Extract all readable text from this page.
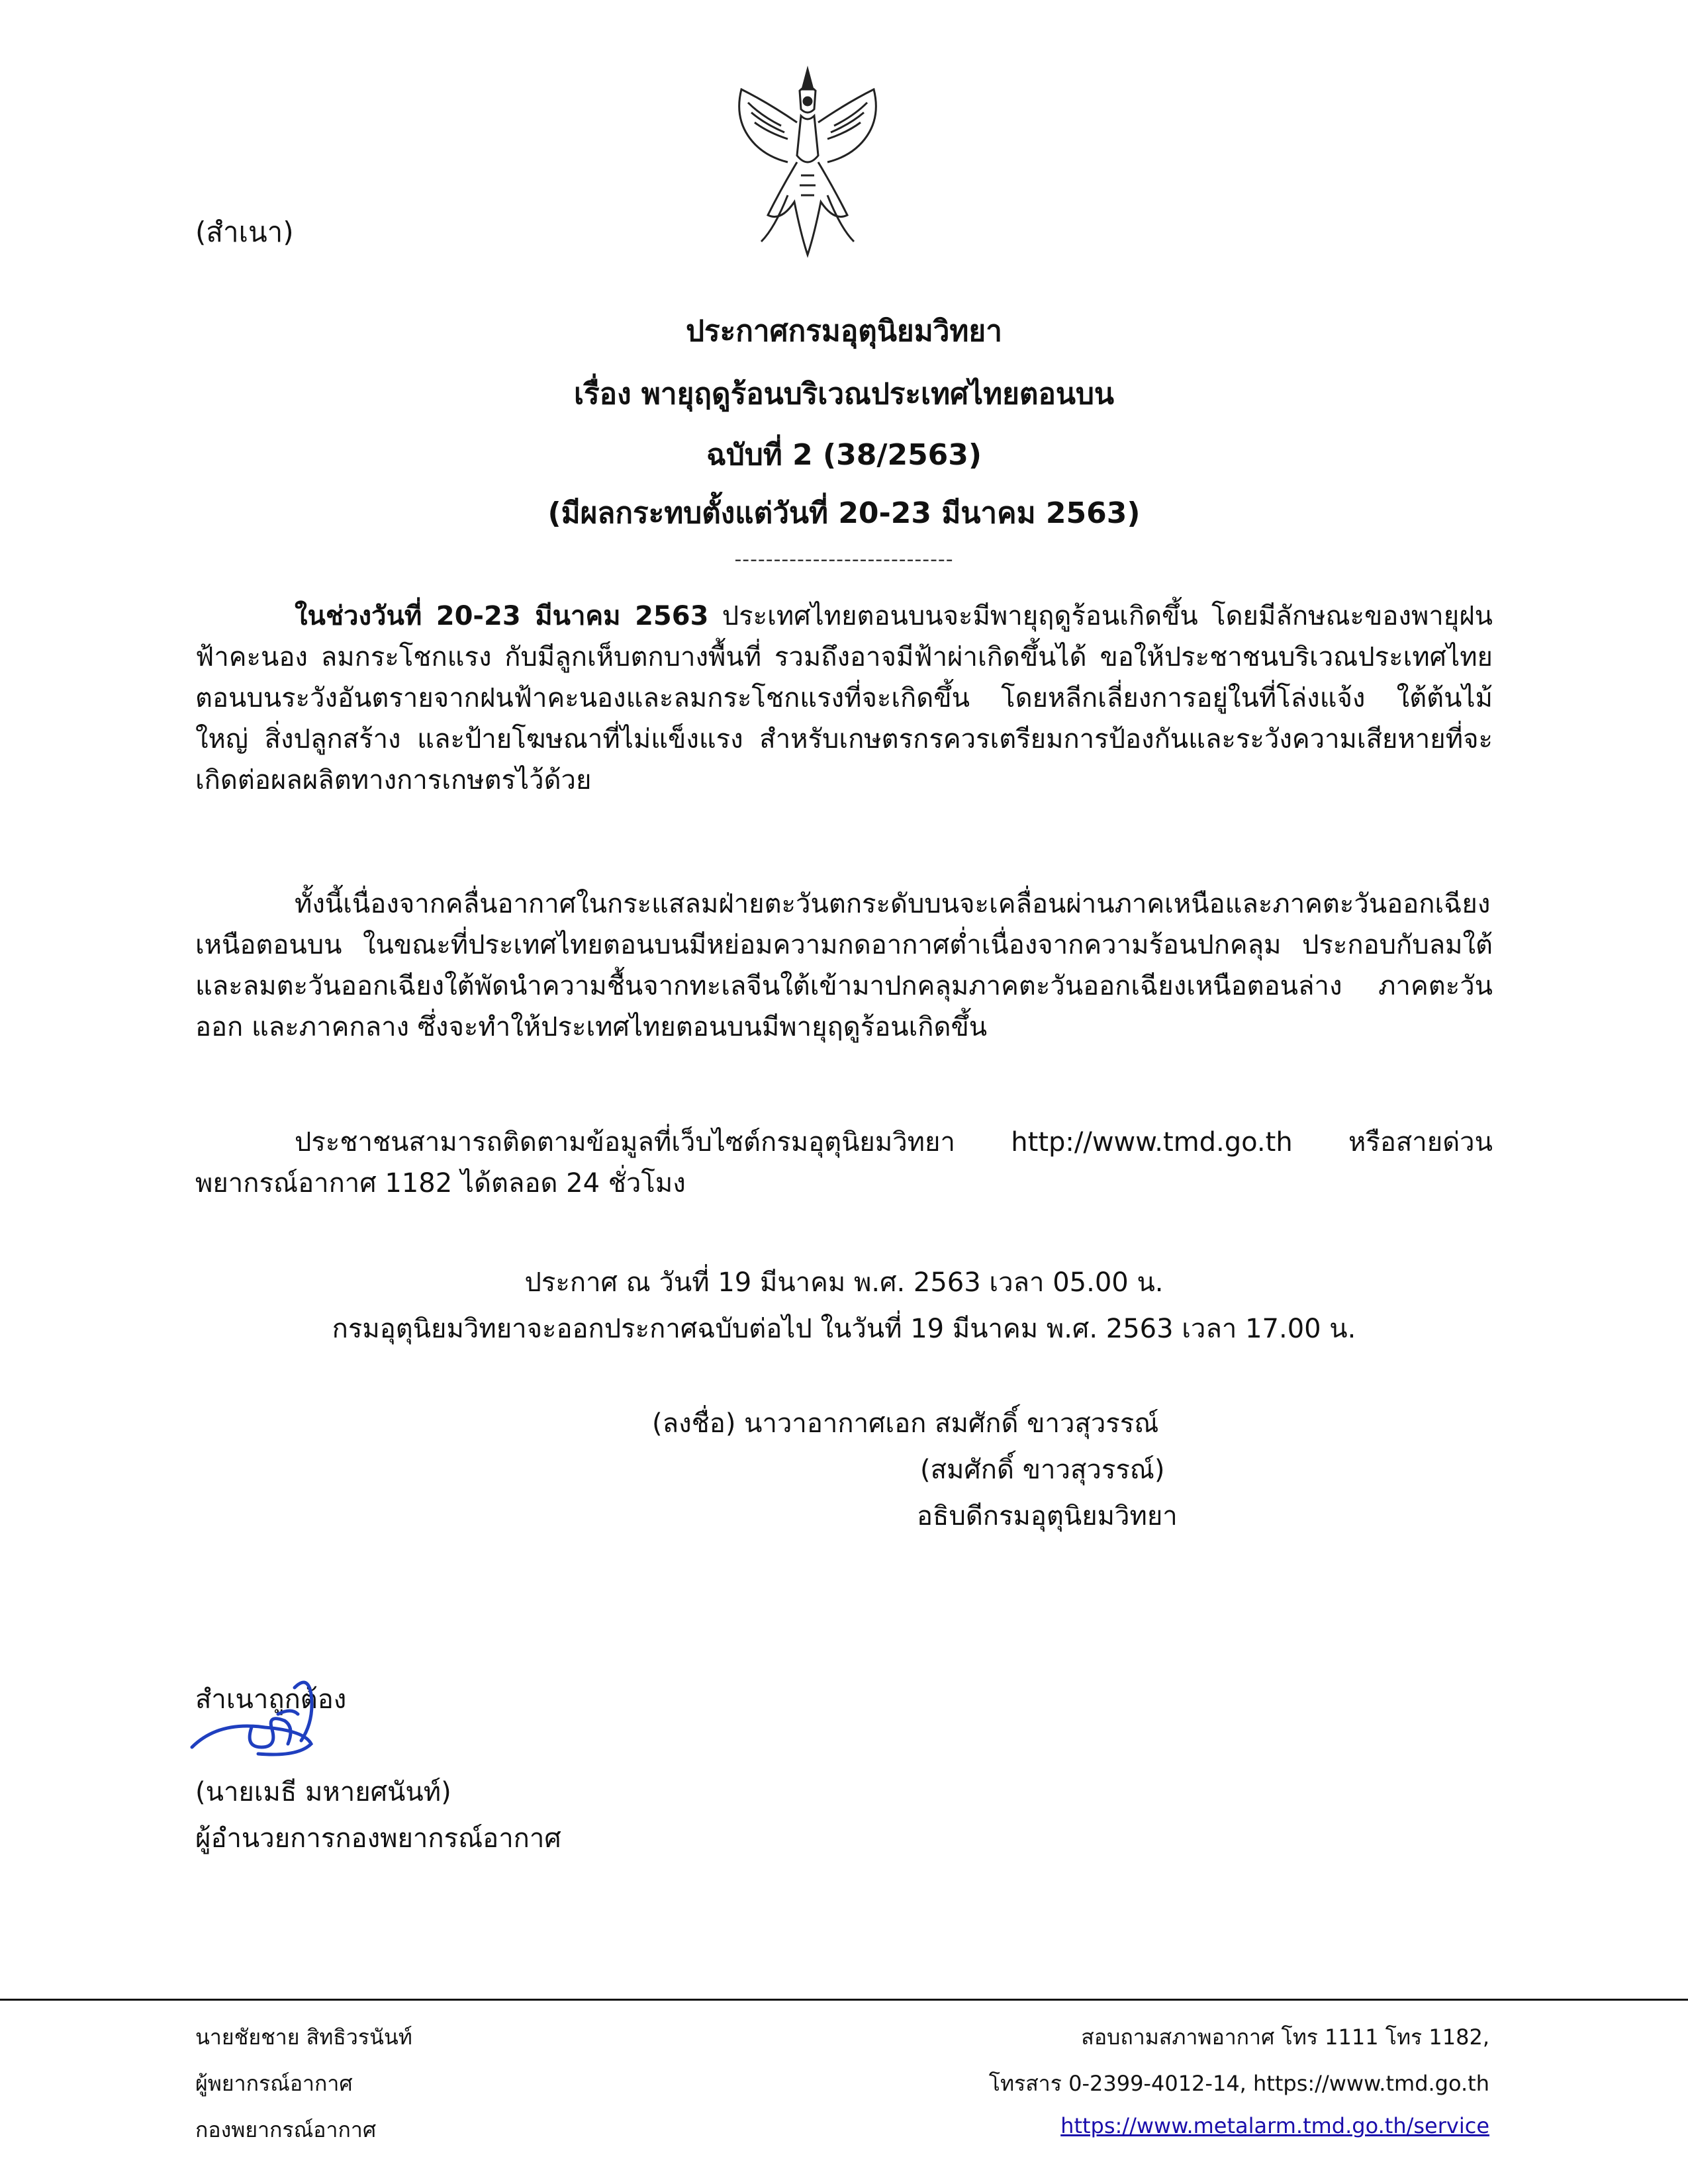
(สำเนา)
ประกาศกรมอุตุนิยมวิทยา
เรื่อง พายุฤดูร้อนบริเวณประเทศไทยตอนบน
ฉบับที่ 2 (38/2563)
(มีผลกระทบตั้งแต่วันที่ 20-23 มีนาคม 2563)
----------------------------
ในช่วงวันที่ 20-23 มีนาคม 2563 ประเทศไทยตอนบนจะมีพายุฤดูร้อนเกิดขึ้น โดยมีลักษณะของพายุฝนฟ้าคะนอง ลมกระโชกแรง กับมีลูกเห็บตกบางพื้นที่ รวมถึงอาจมีฟ้าผ่าเกิดขึ้นได้ ขอให้ประชาชนบริเวณประเทศไทยตอนบนระวังอันตรายจากฝนฟ้าคะนองและลมกระโชกแรงที่จะเกิดขึ้น โดยหลีกเลี่ยงการอยู่ในที่โล่งแจ้ง ใต้ต้นไม้ใหญ่ สิ่งปลูกสร้าง และป้ายโฆษณาที่ไม่แข็งแรง สำหรับเกษตรกรควรเตรียมการป้องกันและระวังความเสียหายที่จะเกิดต่อผลผลิตทางการเกษตรไว้ด้วย
ทั้งนี้เนื่องจากคลื่นอากาศในกระแสลมฝ่ายตะวันตกระดับบนจะเคลื่อนผ่านภาคเหนือและภาคตะวันออกเฉียงเหนือตอนบน ในขณะที่ประเทศไทยตอนบนมีหย่อมความกดอากาศต่ำเนื่องจากความร้อนปกคลุม ประกอบกับลมใต้และลมตะวันออกเฉียงใต้พัดนำความชื้นจากทะเลจีนใต้เข้ามาปกคลุมภาคตะวันออกเฉียงเหนือตอนล่าง ภาคตะวันออก และภาคกลาง ซึ่งจะทำให้ประเทศไทยตอนบนมีพายุฤดูร้อนเกิดขึ้น
ประชาชนสามารถติดตามข้อมูลที่เว็บไซต์กรมอุตุนิยมวิทยา http://www.tmd.go.th หรือสายด่วนพยากรณ์อากาศ 1182 ได้ตลอด 24 ชั่วโมง
ประกาศ ณ วันที่ 19 มีนาคม พ.ศ. 2563 เวลา 05.00 น.
กรมอุตุนิยมวิทยาจะออกประกาศฉบับต่อไป ในวันที่ 19 มีนาคม พ.ศ. 2563 เวลา 17.00 น.
(ลงชื่อ) นาวาอากาศเอก สมศักดิ์ ขาวสุวรรณ์
(สมศักดิ์ ขาวสุวรรณ์)
อธิบดีกรมอุตุนิยมวิทยา
สำเนาถูกต้อง
(นายเมธี มหายศนันท์)
ผู้อำนวยการกองพยากรณ์อากาศ
นายชัยชาย สิทธิวรนันท์
ผู้พยากรณ์อากาศ
กองพยากรณ์อากาศ
สอบถามสภาพอากาศ โทร 1111 โทร 1182,
โทรสาร 0-2399-4012-14, https://www.tmd.go.th
https://www.metalarm.tmd.go.th/service
